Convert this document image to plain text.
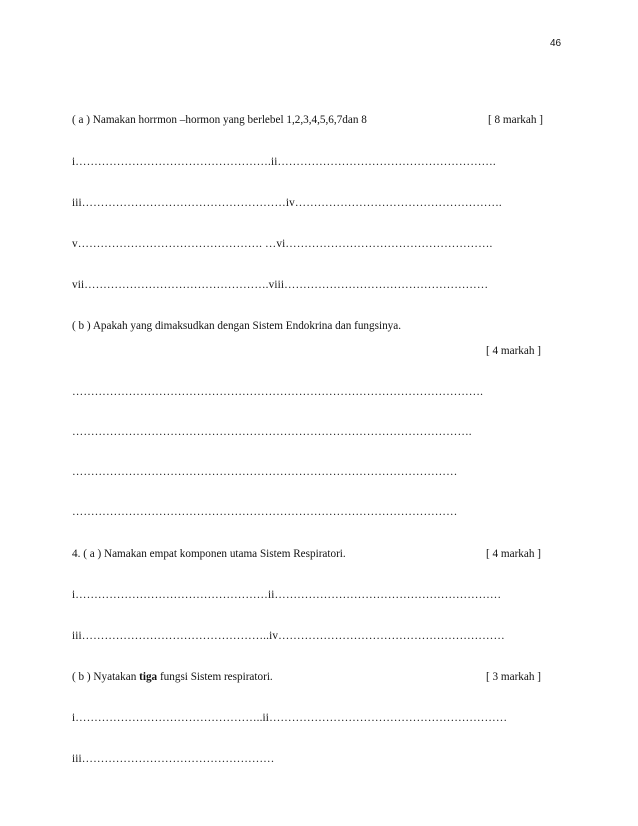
46
( a ) Namakan horrmon –hormon yang berlebel 1,2,3,4,5,6,7dan 8	[ 8 markah ]
i…………………………………………….ii………………………………………………….
iii………………………………………………iv……………………………………………….
v…………………………………………. …vi……………………………………………….
vii………………………………………….viii………………………………………………
( b ) Apakah yang dimaksudkan dengan Sistem Endokrina dan fungsinya.
[ 4 markah ]
……………………………………………………………………………………………….
…………………………………………………………………………………………….
…………………………………………………………………………………………
…………………………………………………………………………………………
4. ( a ) Namakan empat komponen utama Sistem Respiratori.	[ 4 markah ]
i……………………………………………ii……………………………………………………
iii…………………………………………..iv……………………………………………………
( b ) Nyatakan tiga fungsi Sistem respiratori.	[ 3 markah ]
i…………………………………………..ii………………………………………………………
iii……………………………………………
